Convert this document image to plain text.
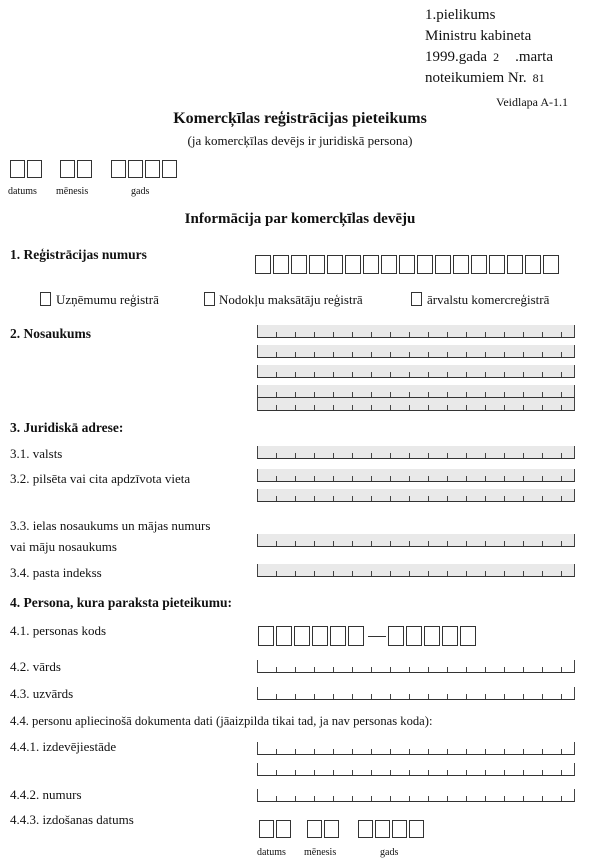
1.pielikums
Ministru kabineta
1999.gada 2 .marta
noteikumiem Nr. 81
Veidlapa A-1.1
Komercķīlas reģistrācijas pieteikums
(ja komercķīlas devējs ir juridiskā persona)
datums mēnesis	gads
Informācija par komercķīlas devēju
1. Reģistrācijas numurs
Uzņēmumu reģistrā	Nodokļu maksātāju reģistrā	ārvalstu komercreģistrā
2. Nosaukums
3. Juridiskā adrese:
3.1. valsts
3.2. pilsēta vai cita apdzīvota vieta
3.3. ielas nosaukums un mājas numurs
vai māju nosaukums
3.4. pasta indekss
4. Persona, kura paraksta pieteikumu:
4.1. personas kods
4.2. vārds
4.3. uzvārds
4.4. personu apliecinošā dokumenta dati (jāaizpilda tikai tad, ja nav personas koda):
4.4.1. izdevējiestāde
4.4.2. numurs
4.4.3. izdošanas datums
datums mēnesis	gads
